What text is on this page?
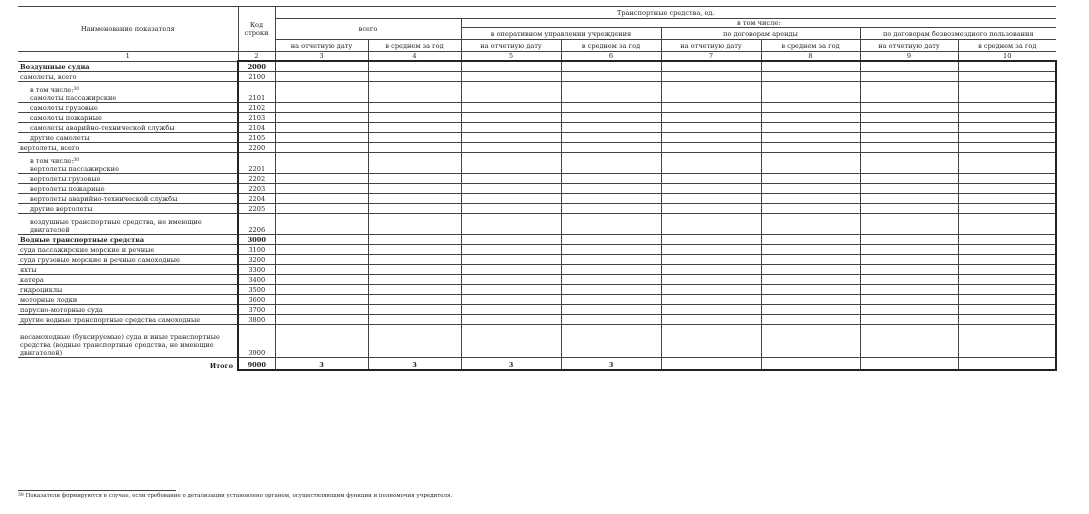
Наименование показателя	Код строки	Транспортные средства, ед.							
		всего		в том числе:					
				в оперативном управлении учреждения		по договорам аренды		по договорам безвозмездного пользования	
		на отчетную дату	в среднем за год	на отчетную дату	в среднем за год	на отчетную дату	в среднем за год	на отчетную дату	в среднем за год
1	2	3	4	5	6	7	8	9	10
Воздушные судна	2000								
самолеты, всего	2100								
в том числе:$^{30}$
самолеты пассажирские	2101								
самолеты грузовые	2102								
самолеты пожарные	2103								
самолеты аварийно-технической службы	2104								
другие самолеты	2105								
вертолеты, всего	2200								
в том числе:$^{30}$
вертолеты пассажирские	2201								
вертолеты грузовые	2202								
вертолеты пожарные	2203								
вертолеты аварийно-технической службы	2204								
другие вертолеты	2205								
воздушные транспортные средства, не имеющие
двигателей	2206								
Водные транспортные средства	3000								
суда пассажирские морские и речные	3100								
суда грузовые морские и речные самоходные	3200								
яхты	3300								
катера	3400								
гидроциклы	3500								
моторные лодки	3600								
парусно-моторные суда	3700								
другие водные транспортные средства самоходные	3800								
несамоходные (буксируемые) суда и иные транспортные средства (водные транспортные средства, не имеющие двигателей)	3900								
Итого	9000	3	3	3	3				
$^{30}$ Показатели формируются в случае, если требование о детализации установлено органом, осуществляющим функции и полномочия учредителя.
